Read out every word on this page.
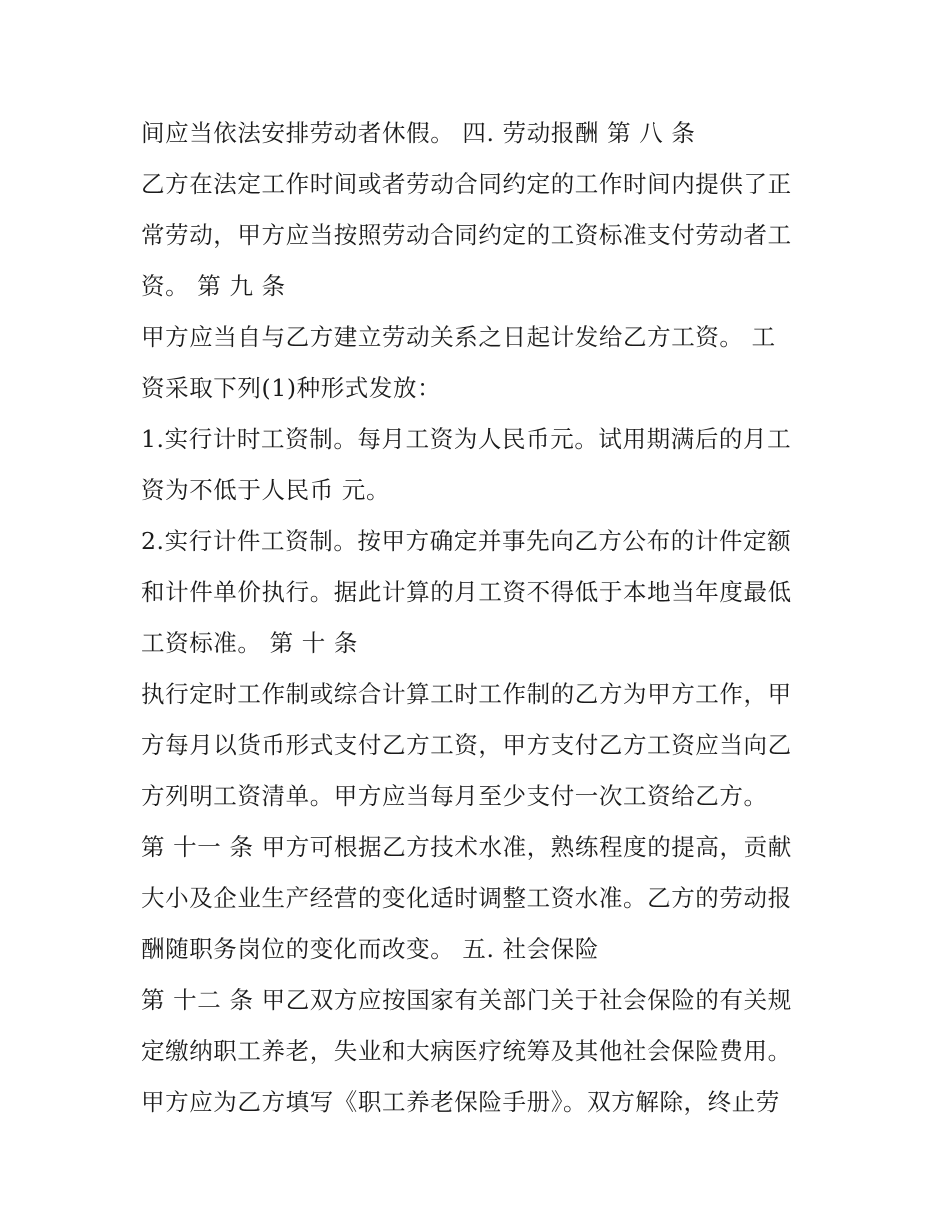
间应当依法安排劳动者休假。 四. 劳动报酬 第 八 条
乙方在法定工作时间或者劳动合同约定的工作时间内提供了正
常劳动，甲方应当按照劳动合同约定的工资标准支付劳动者工
资。 第 九 条
甲方应当自与乙方建立劳动关系之日起计发给乙方工资。 工
资采取下列(1)种形式发放：
1.实行计时工资制。每月工资为人民币元。试用期满后的月工
资为不低于人民币 元。
2.实行计件工资制。按甲方确定并事先向乙方公布的计件定额
和计件单价执行。据此计算的月工资不得低于本地当年度最低
工资标准。 第 十 条
执行定时工作制或综合计算工时工作制的乙方为甲方工作，甲
方每月以货币形式支付乙方工资，甲方支付乙方工资应当向乙
方列明工资清单。甲方应当每月至少支付一次工资给乙方。
第 十一 条 甲方可根据乙方技术水准，熟练程度的提高，贡献
大小及企业生产经营的变化适时调整工资水准。乙方的劳动报
酬随职务岗位的变化而改变。 五. 社会保险
第 十二 条 甲乙双方应按国家有关部门关于社会保险的有关规
定缴纳职工养老，失业和大病医疗统筹及其他社会保险费用。
甲方应为乙方填写《职工养老保险手册》。双方解除，终止劳
